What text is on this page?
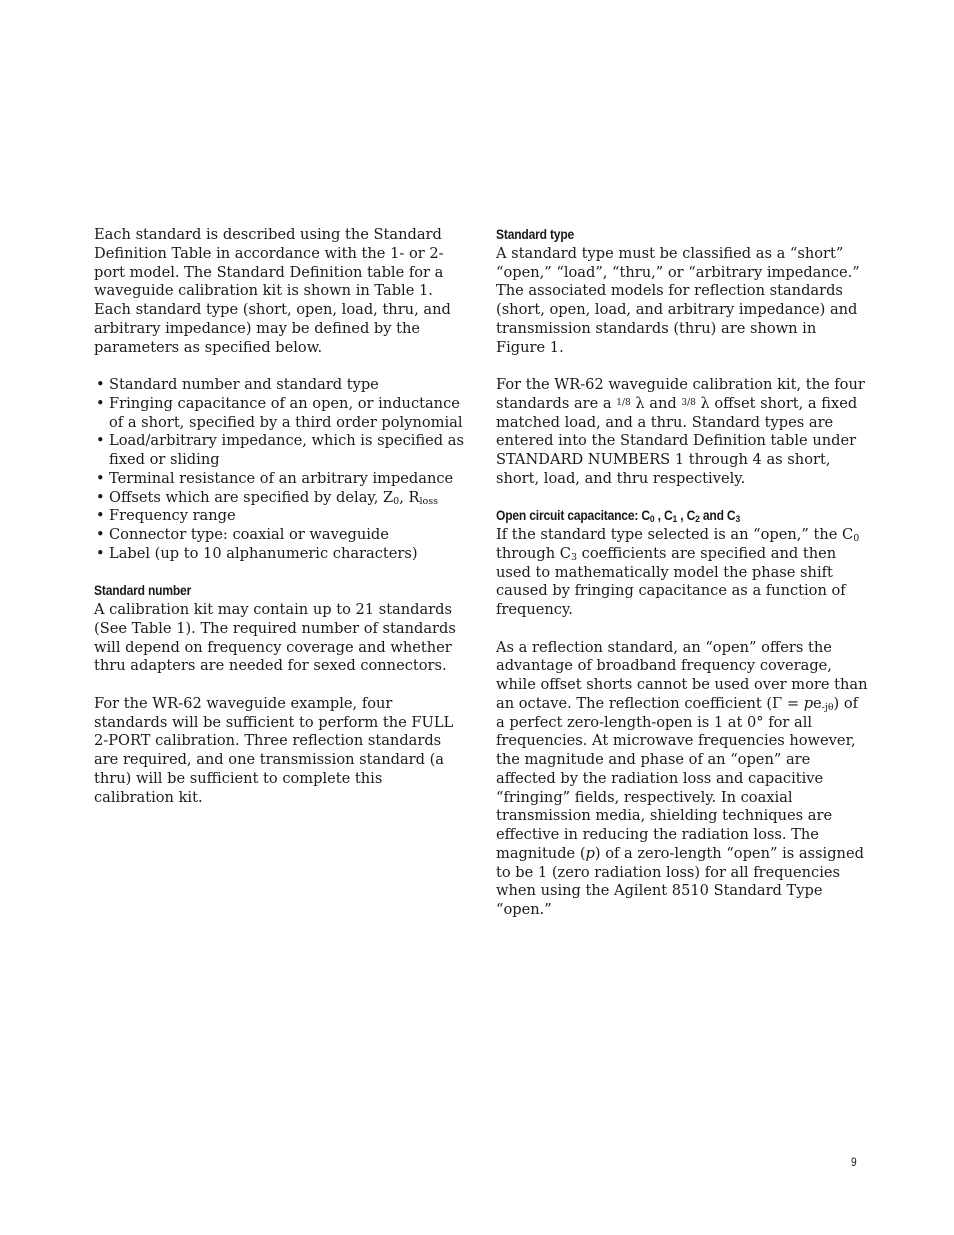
Each standard is described using the Standard Definition Table in accordance with the 1- or 2-port model. The Standard Definition table for a waveguide calibration kit is shown in Table 1. Each standard type (short, open, load, thru, and arbitrary impedance) may be defined by the parameters as specified below.

• Standard number and standard type
• Fringing capacitance of an open, or inductance of a short, specified by a third order polynomial
• Load/arbitrary impedance, which is specified as fixed or sliding
• Terminal resistance of an arbitrary impedance
• Offsets which are specified by delay, $Z_0$, $R_{loss}$
• Frequency range
• Connector type: coaxial or waveguide
• Label (up to 10 alphanumeric characters)
Standard number

A calibration kit may contain up to 21 standards (See Table 1). The required number of standards will depend on frequency coverage and whether thru adapters are needed for sexed connectors.

For the WR-62 waveguide example, four standards will be sufficient to perform the FULL 2-PORT calibration. Three reflection standards are required, and one transmission standard (a thru) will be sufficient to complete this calibration kit.

Standard type

A standard type must be classified as a “short” “open,” “load”, “thru,” or “arbitrary impedance.” The associated models for reflection standards (short, open, load, and arbitrary impedance) and transmission standards (thru) are shown in Figure 1.

For the WR-62 waveguide calibration kit, the four standards are a $^{1/8}$ λ and $^{3/8}$ λ offset short, a fixed matched load, and a thru. Standard types are entered into the Standard Definition table under STANDARD NUMBERS 1 through 4 as short, short, load, and thru respectively.

Open circuit capacitance: $C_0$ , $C_1$ , $C_2$ and $C_3$

If the standard type selected is an “open,” the $C_0$ through $C_3$ coefficients are specified and then used to mathematically model the phase shift caused by fringing capacitance as a function of frequency.

As a reflection standard, an “open” offers the advantage of broadband frequency coverage, while offset shorts cannot be used over more than an octave. The reflection coefficient $(\Gamma = pe_{-j\theta})$ of a perfect zero-length-open is 1 at 0° for all frequencies. At microwave frequencies however, the magnitude and phase of an “open” are affected by the radiation loss and capacitive “fringing” fields, respectively. In coaxial transmission media, shielding techniques are effective in reducing the radiation loss. The magnitude (p) of a zero-length “open” is assigned to be 1 (zero radiation loss) for all frequencies when using the Agilent 8510 Standard Type “open.”

9
